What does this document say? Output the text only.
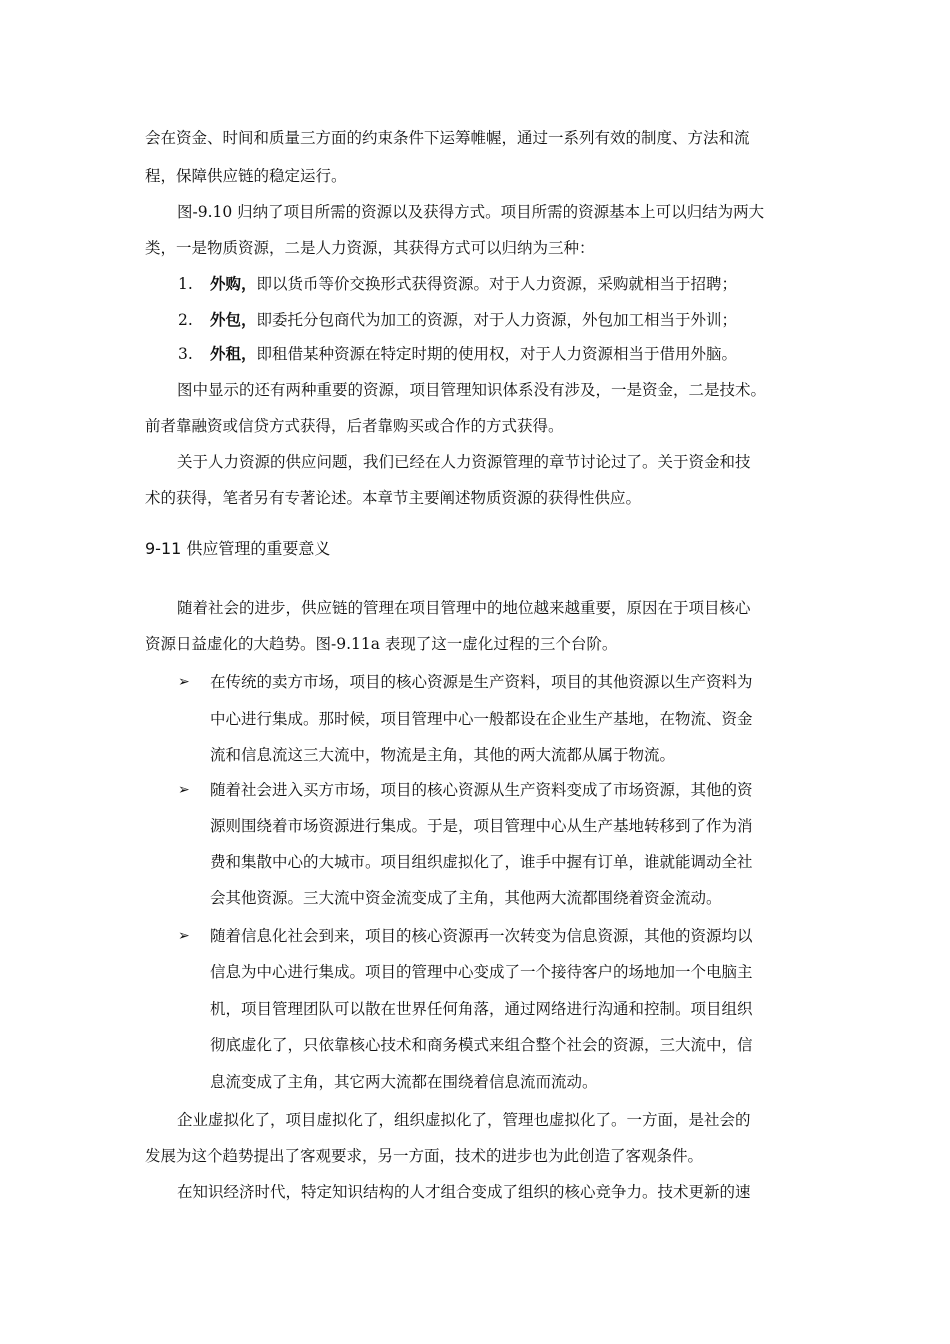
会在资金、时间和质量三方面的约束条件下运筹帷幄，通过一系列有效的制度、方法和流
程，保障供应链的稳定运行。
图-9.10 归纳了项目所需的资源以及获得方式。项目所需的资源基本上可以归结为两大
类，一是物质资源，二是人力资源，其获得方式可以归纳为三种：
1. 外购，即以货币等价交换形式获得资源。对于人力资源，采购就相当于招聘；
2. 外包，即委托分包商代为加工的资源，对于人力资源，外包加工相当于外训；
3. 外租，即租借某种资源在特定时期的使用权，对于人力资源相当于借用外脑。
图中显示的还有两种重要的资源，项目管理知识体系没有涉及，一是资金，二是技术。
前者靠融资或信贷方式获得，后者靠购买或合作的方式获得。
关于人力资源的供应问题，我们已经在人力资源管理的章节讨论过了。关于资金和技
术的获得，笔者另有专著论述。本章节主要阐述物质资源的获得性供应。
9-11 供应管理的重要意义
随着社会的进步，供应链的管理在项目管理中的地位越来越重要，原因在于项目核心
资源日益虚化的大趋势。图-9.11a 表现了这一虚化过程的三个台阶。
➢ 在传统的卖方市场，项目的核心资源是生产资料，项目的其他资源以生产资料为
中心进行集成。那时候，项目管理中心一般都设在企业生产基地，在物流、资金
流和信息流这三大流中，物流是主角，其他的两大流都从属于物流。
➢ 随着社会进入买方市场，项目的核心资源从生产资料变成了市场资源，其他的资
源则围绕着市场资源进行集成。于是，项目管理中心从生产基地转移到了作为消
费和集散中心的大城市。项目组织虚拟化了，谁手中握有订单，谁就能调动全社
会其他资源。三大流中资金流变成了主角，其他两大流都围绕着资金流动。
➢ 随着信息化社会到来，项目的核心资源再一次转变为信息资源，其他的资源均以
信息为中心进行集成。项目的管理中心变成了一个接待客户的场地加一个电脑主
机，项目管理团队可以散在世界任何角落，通过网络进行沟通和控制。项目组织
彻底虚化了，只依靠核心技术和商务模式来组合整个社会的资源，三大流中，信
息流变成了主角，其它两大流都在围绕着信息流而流动。
企业虚拟化了，项目虚拟化了，组织虚拟化了，管理也虚拟化了。一方面，是社会的
发展为这个趋势提出了客观要求，另一方面，技术的进步也为此创造了客观条件。
在知识经济时代，特定知识结构的人才组合变成了组织的核心竞争力。技术更新的速
